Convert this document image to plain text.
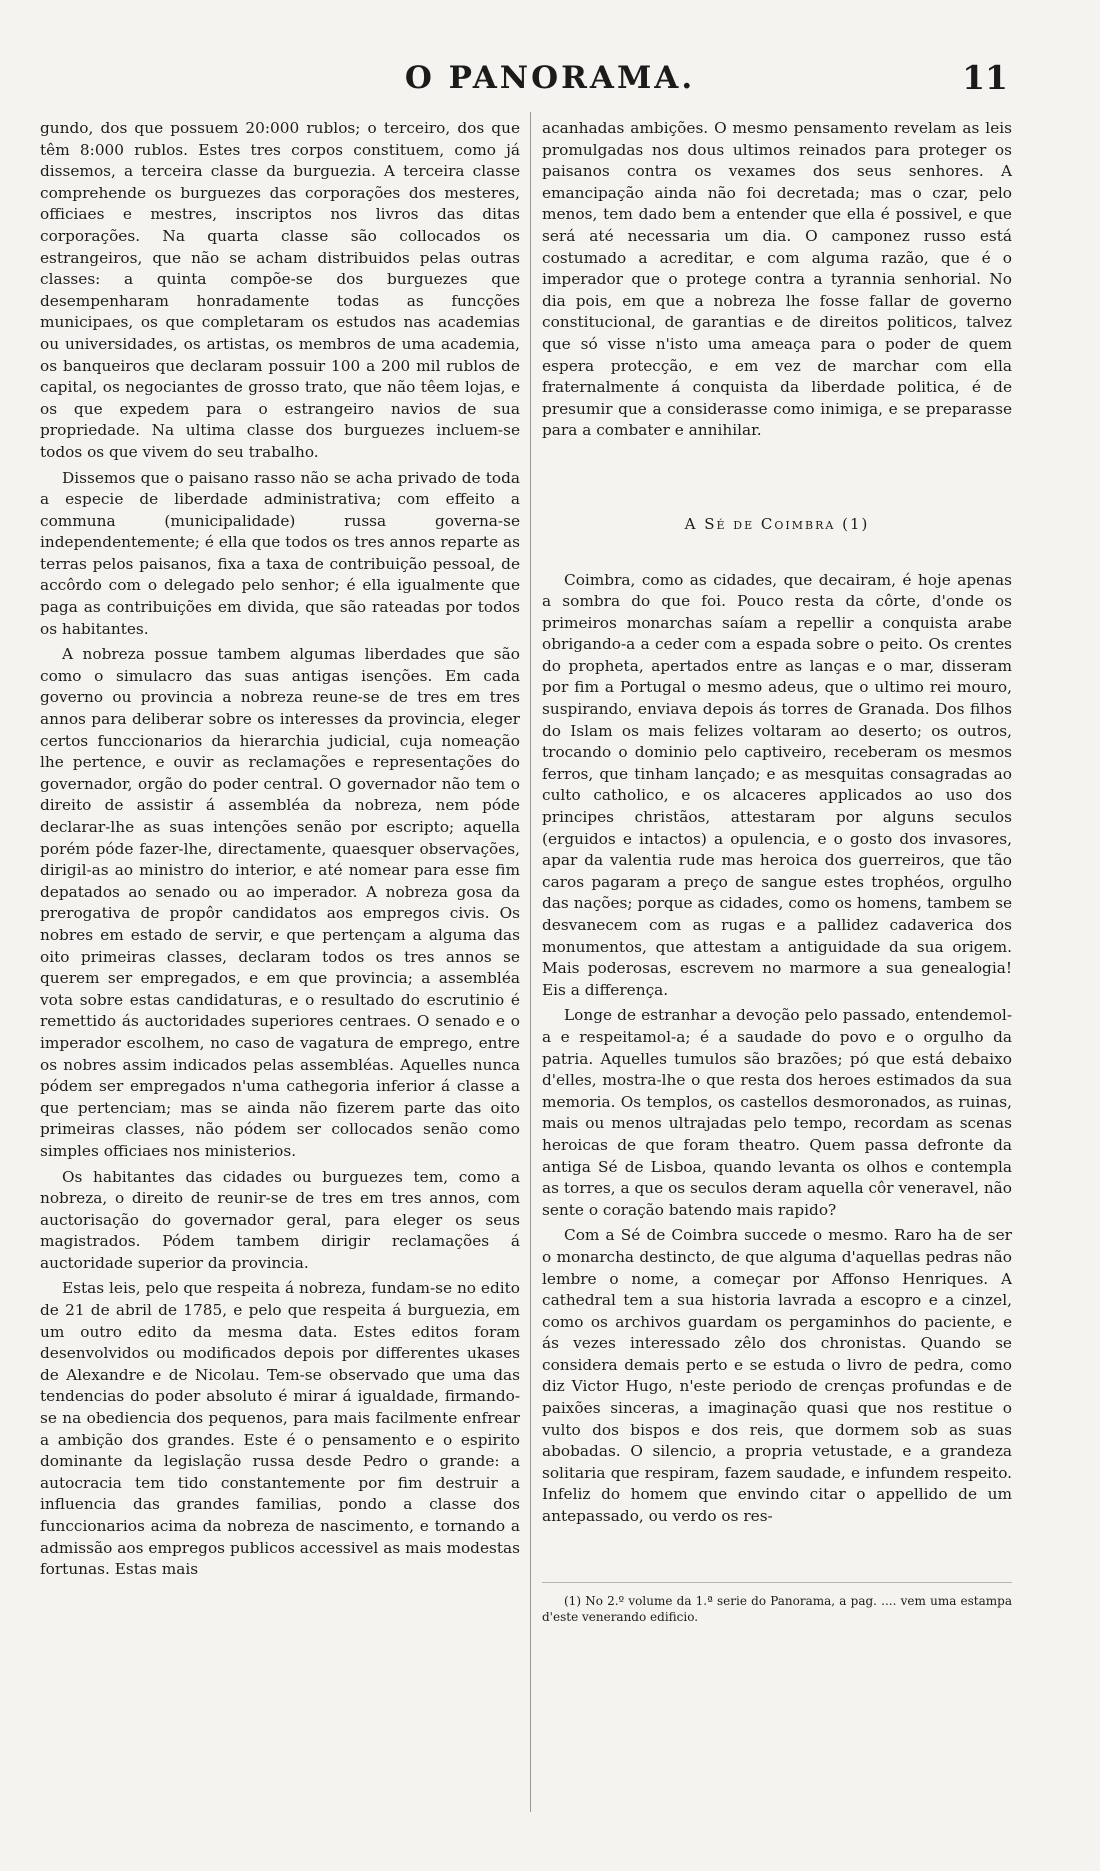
O PANORAMA.	11

gundo, dos que possuem 20:000 rublos; o terceiro, dos que têm 8:000 rublos. Estes tres corpos constituem, como já dissemos, a terceira classe da burguezia. A terceira classe comprehende os burguezes das corporações dos mesteres, officiaes e mestres, inscriptos nos livros das ditas corporações. Na quarta classe são collocados os estrangeiros, que não se acham distribuidos pelas outras classes: a quinta compõe-se dos burguezes que desempenharam honradamente todas as funcções municipaes, os que completaram os estudos nas academias ou universidades, os artistas, os membros de uma academia, os banqueiros que declaram possuir 100 a 200 mil rublos de capital, os negociantes de grosso trato, que não têem lojas, e os que expedem para o estrangeiro navios de sua propriedade. Na ultima classe dos burguezes incluem-se todos os que vivem do seu trabalho.

Dissemos que o paisano rasso não se acha privado de toda a especie de liberdade administrativa; com effeito a communa (municipalidade) russa governa-se independentemente; é ella que todos os tres annos reparte as terras pelos paisanos, fixa a taxa de contribuição pessoal, de accôrdo com o delegado pelo senhor; é ella igualmente que paga as contribuições em divida, que são rateadas por todos os habitantes.

A nobreza possue tambem algumas liberdades que são como o simulacro das suas antigas isenções. Em cada governo ou provincia a nobreza reune-se de tres em tres annos para deliberar sobre os interesses da provincia, eleger certos funccionarios da hierarchia judicial, cuja nomeação lhe pertence, e ouvir as reclamações e representações do governador, orgão do poder central. O governador não tem o direito de assistir á assembléa da nobreza, nem póde declarar-lhe as suas intenções senão por escripto; aquella porém póde fazer-lhe, directamente, quaesquer observações, dirigil-as ao ministro do interior, e até nomear para esse fim depatados ao senado ou ao imperador. A nobreza gosa da prerogativa de propôr candidatos aos empregos civis. Os nobres em estado de servir, e que pertençam a alguma das oito primeiras classes, declaram todos os tres annos se querem ser empregados, e em que provincia; a assembléa vota sobre estas candidaturas, e o resultado do escrutinio é remettido ás auctoridades superiores centraes. O senado e o imperador escolhem, no caso de vagatura de emprego, entre os nobres assim indicados pelas assembléas. Aquelles nunca pódem ser empregados n'uma cathegoria inferior á classe a que pertenciam; mas se ainda não fizerem parte das oito primeiras classes, não pódem ser collocados senão como simples officiaes nos ministerios.

Os habitantes das cidades ou burguezes tem, como a nobreza, o direito de reunir-se de tres em tres annos, com auctorisação do governador geral, para eleger os seus magistrados. Pódem tambem dirigir reclamações á auctoridade superior da provincia.

Estas leis, pelo que respeita á nobreza, fundam-se no edito de 21 de abril de 1785, e pelo que respeita á burguezia, em um outro edito da mesma data. Estes editos foram desenvolvidos ou modificados depois por differentes ukases de Alexandre e de Nicolau. Tem-se observado que uma das tendencias do poder absoluto é mirar á igualdade, firmando-se na obediencia dos pequenos, para mais facilmente enfrear a ambição dos grandes. Este é o pensamento e o espirito dominante da legislação russa desde Pedro o grande: a autocracia tem tido constantemente por fim destruir a influencia das grandes familias, pondo a classe dos funccionarios acima da nobreza de nascimento, e tornando a admissão aos empregos publicos accessivel as mais modestas fortunas. Estas mais

acanhadas ambições. O mesmo pensamento revelam as leis promulgadas nos dous ultimos reinados para proteger os paisanos contra os vexames dos seus senhores. A emancipação ainda não foi decretada; mas o czar, pelo menos, tem dado bem a entender que ella é possivel, e que será até necessaria um dia. O camponez russo está costumado a acreditar, e com alguma razão, que é o imperador que o protege contra a tyrannia senhorial. No dia pois, em que a nobreza lhe fosse fallar de governo constitucional, de garantias e de direitos politicos, talvez que só visse n'isto uma ameaça para o poder de quem espera protecção, e em vez de marchar com ella fraternalmente á conquista da liberdade politica, é de presumir que a considerasse como inimiga, e se preparasse para a combater e annihilar.

A Sé de Coimbra (1)

Coimbra, como as cidades, que decairam, é hoje apenas a sombra do que foi. Pouco resta da côrte, d'onde os primeiros monarchas saíam a repellir a conquista arabe obrigando-a a ceder com a espada sobre o peito. Os crentes do propheta, apertados entre as lanças e o mar, disseram por fim a Portugal o mesmo adeus, que o ultimo rei mouro, suspirando, enviava depois ás torres de Granada. Dos filhos do Islam os mais felizes voltaram ao deserto; os outros, trocando o dominio pelo captiveiro, receberam os mesmos ferros, que tinham lançado; e as mesquitas consagradas ao culto catholico, e os alcaceres applicados ao uso dos principes christãos, attestaram por alguns seculos (erguidos e intactos) a opulencia, e o gosto dos invasores, apar da valentia rude mas heroica dos guerreiros, que tão caros pagaram a preço de sangue estes trophéos, orgulho das nações; porque as cidades, como os homens, tambem se desvanecem com as rugas e a pallidez cadaverica dos monumentos, que attestam a antiguidade da sua origem. Mais poderosas, escrevem no marmore a sua genealogia! Eis a differença.

Longe de estranhar a devoção pelo passado, entendemol-a e respeitamol-a; é a saudade do povo e o orgulho da patria. Aquelles tumulos são brazões; pó que está debaixo d'elles, mostra-lhe o que resta dos heroes estimados da sua memoria. Os templos, os castellos desmoronados, as ruinas, mais ou menos ultrajadas pelo tempo, recordam as scenas heroicas de que foram theatro. Quem passa defronte da antiga Sé de Lisboa, quando levanta os olhos e contempla as torres, a que os seculos deram aquella côr veneravel, não sente o coração batendo mais rapido?

Com a Sé de Coimbra succede o mesmo. Raro ha de ser o monarcha destincto, de que alguma d'aquellas pedras não lembre o nome, a começar por Affonso Henriques. A cathedral tem a sua historia lavrada a escopro e a cinzel, como os archivos guardam os pergaminhos do paciente, e ás vezes interessado zêlo dos chronistas. Quando se considera demais perto e se estuda o livro de pedra, como diz Victor Hugo, n'este periodo de crenças profundas e de paixões sinceras, a imaginação quasi que nos restitue o vulto dos bispos e dos reis, que dormem sob as suas abobadas. O silencio, a propria vetustade, e a grandeza solitaria que respiram, fazem saudade, e infundem respeito. Infeliz do homem que envindo citar o appellido de um antepassado, ou verdo os res-

(1) No 2.º volume da 1.ª serie do Panorama, a pag. .... vem uma estampa d'este venerando edificio.
